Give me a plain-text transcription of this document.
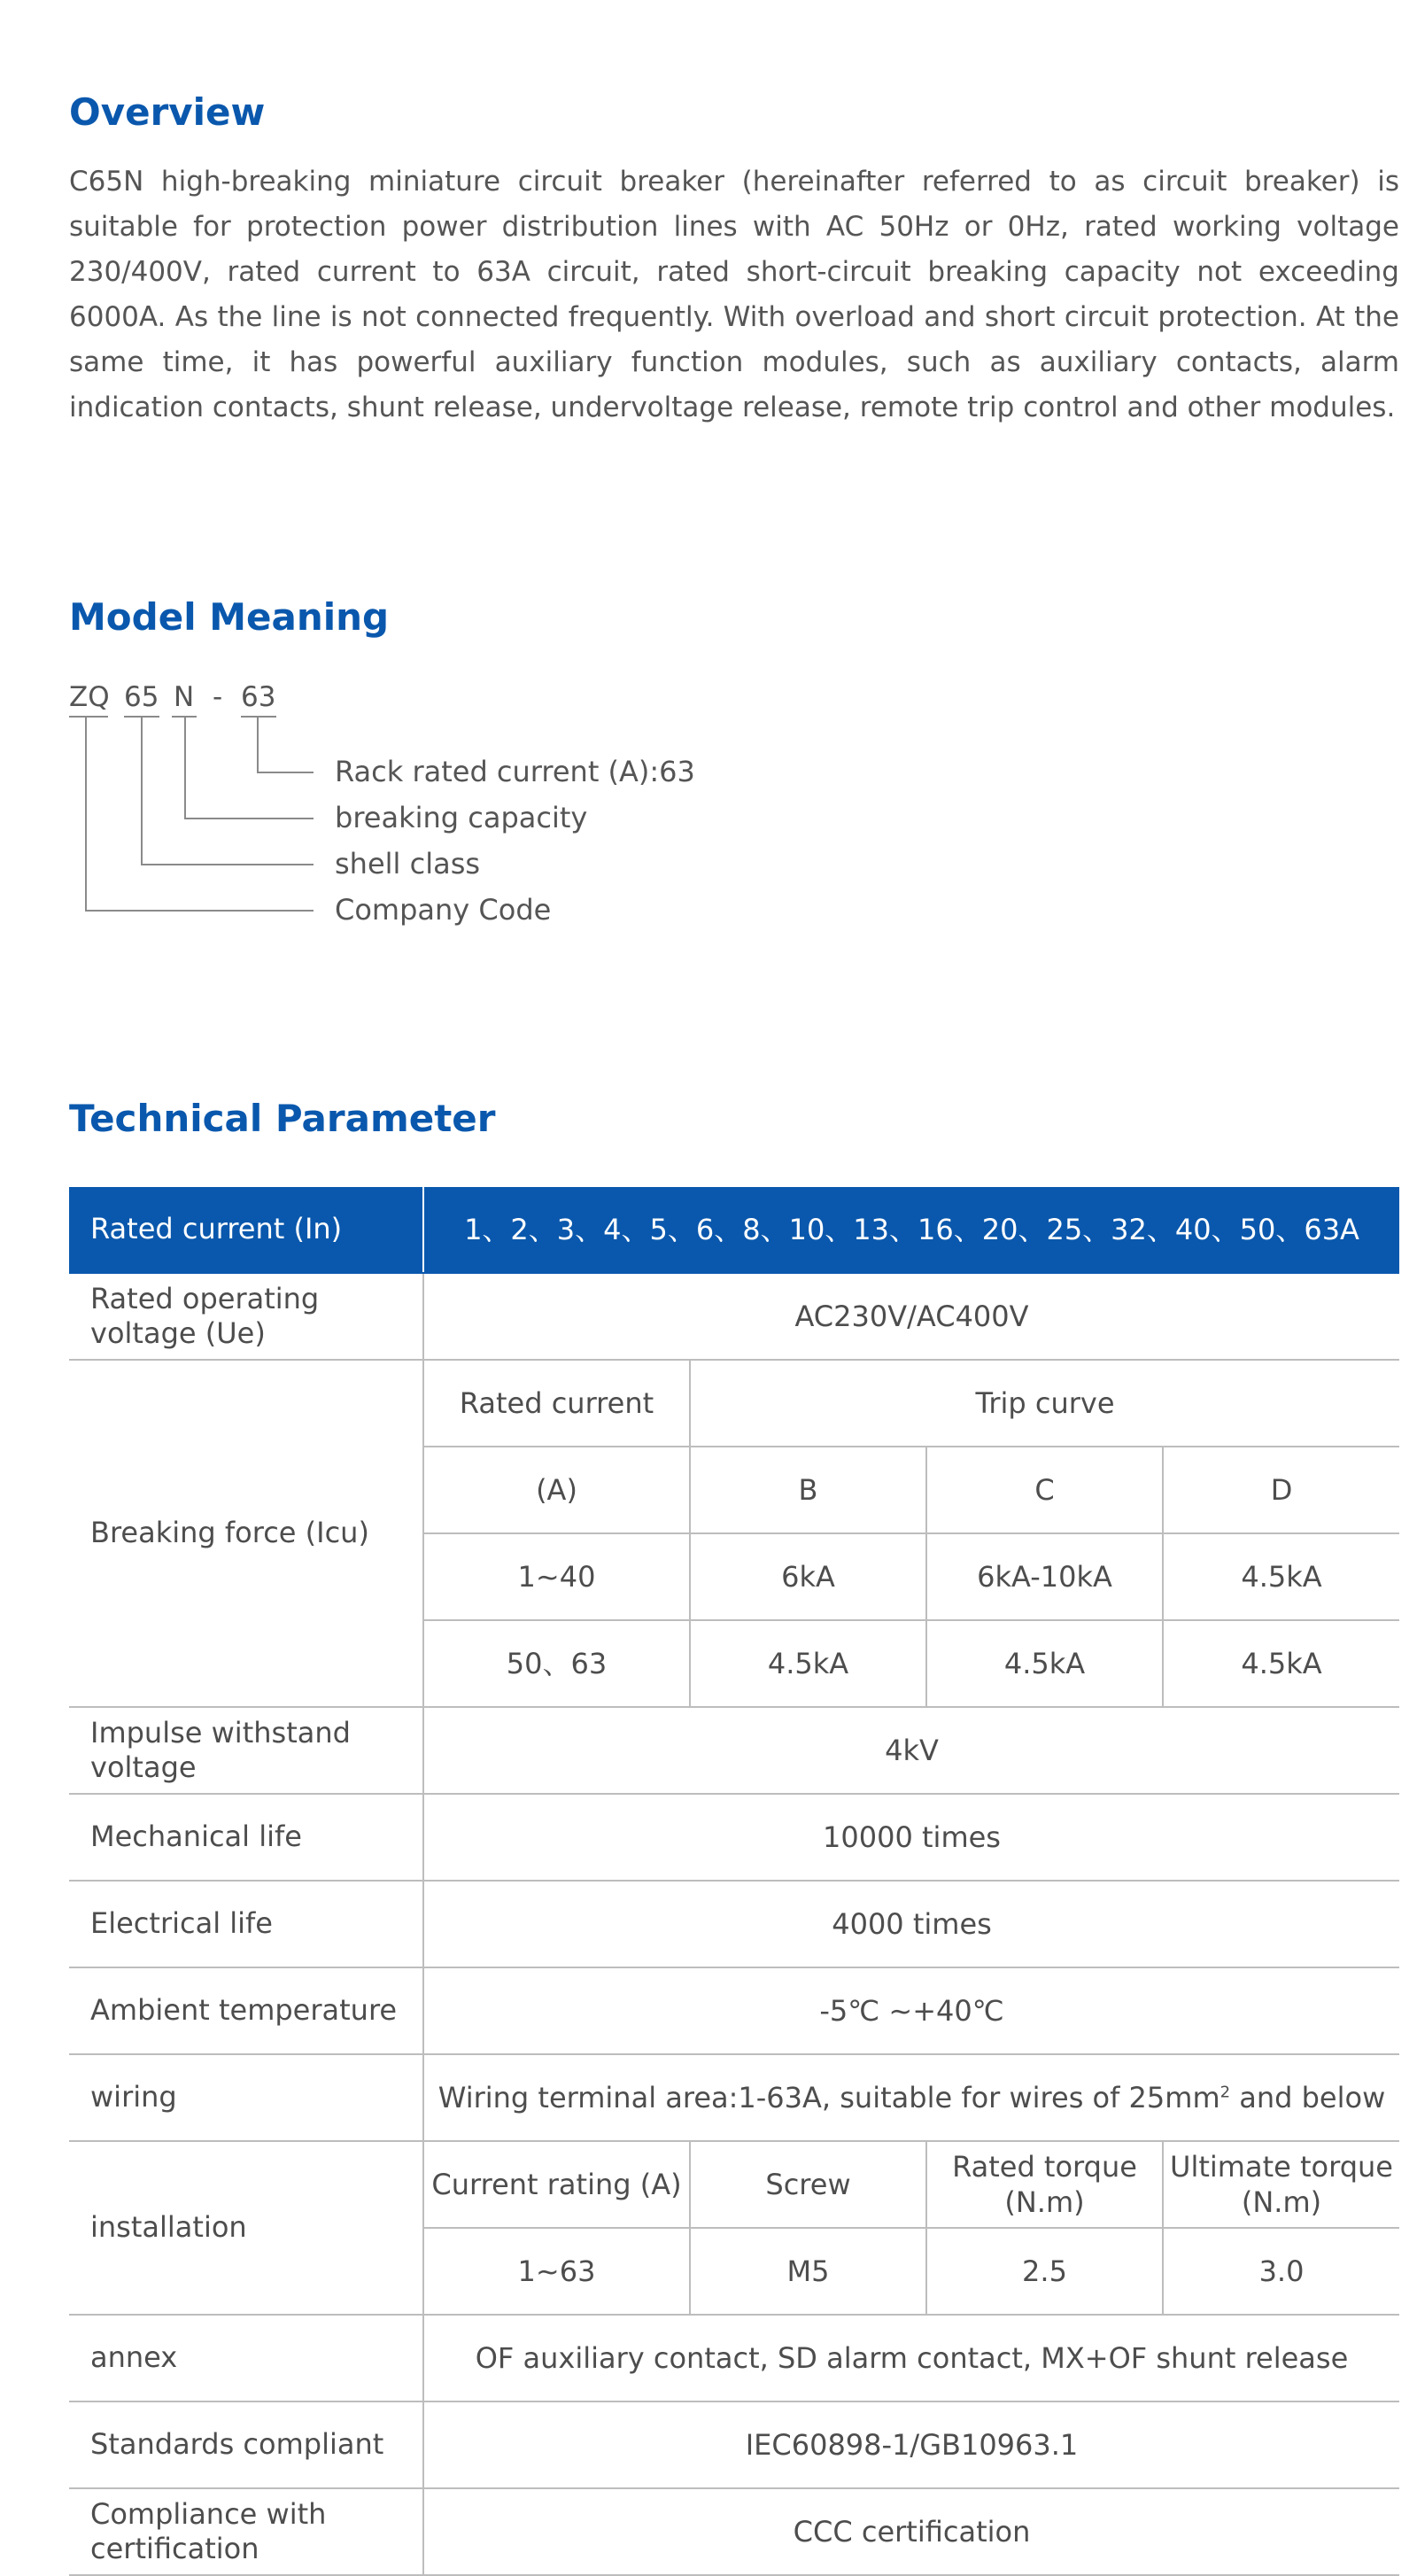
Overview

C65N high-breaking miniature circuit breaker (hereinafter referred to as circuit breaker) is suitable for protection power distribution lines with AC 50Hz or 0Hz, rated working voltage 230/400V, rated current to 63A circuit, rated short-circuit breaking capacity not exceeding 6000A. As the line is not connected frequently. With overload and short circuit protection. At the same time, it has powerful auxiliary function modules, such as auxiliary contacts, alarm indication contacts, shunt release, undervoltage release, remote trip control and other modules.

Model Meaning
ZQ 65 N - 63
Rack rated current (A):63
breaking capacity
shell class
Company Code
Technical Parameter
Rated current (In)	1、2、3、4、5、6、8、10、13、16、20、25、32、40、50、63A			
Rated operating voltage (Ue)	AC230V/AC400V			
Breaking force (Icu)	Rated current	Trip curve		
	(A)	B	C	D
	1~40	6kA	6kA-10kA	4.5kA
	50、63	4.5kA	4.5kA	4.5kA
Impulse withstand voltage	4kV			
Mechanical life	10000 times			
Electrical life	4000 times			
Ambient temperature	-5℃ ~+40℃			
wiring	Wiring terminal area:1-63A, suitable for wires of $25mm^2$ and below			
installation	Current rating (A)	Screw	Rated torque (N.m)	Ultimate torque (N.m)
	1~63	M5	2.5	3.0
annex	OF auxiliary contact, SD alarm contact, MX+OF shunt release			
Standards compliant	IEC60898-1/GB10963.1			
Compliance with certification	CCC certification			
